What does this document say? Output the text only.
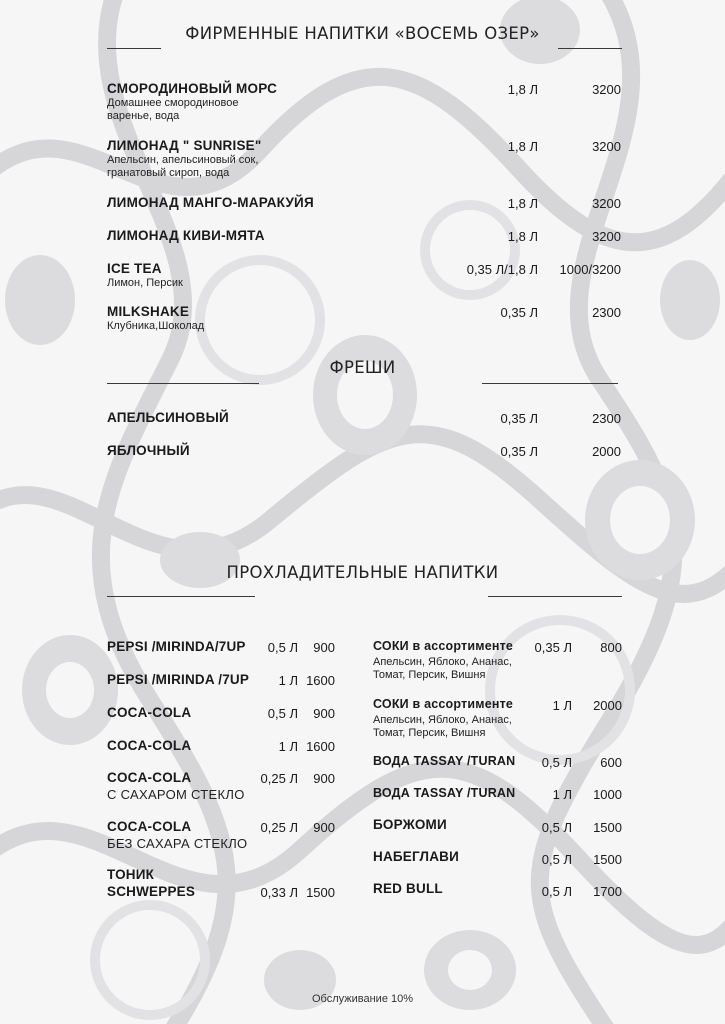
ФИРМЕННЫЕ НАПИТКИ «ВОСЕМЬ ОЗЕР»
СМОРОДИНОВЫЙ МОРС
Домашнее смородиновое
варенье, вода
1,8 Л	3200
ЛИМОНАД " SUNRISE"
Апельсин, апельсиновый сок,
гранатовый сироп, вода
1,8 Л	3200
ЛИМОНАД МАНГО-МАРАКУЙЯ	1,8 Л	3200
ЛИМОНАД КИВИ-МЯТА	1,8 Л	3200
ICE TEA
Лимон, Персик
0,35 Л/1,8 Л	1000/3200
MILKSHAKE
Клубника,Шоколад
0,35 Л	2300
ФРЕШИ
АПЕЛЬСИНОВЫЙ	0,35 Л	2300
ЯБЛОЧНЫЙ	0,35 Л	2000
ПРОХЛАДИТЕЛЬНЫЕ НАПИТКИ
PEPSI /MIRINDA/7UP	0,5 Л	900
PEPSI /MIRINDA /7UP	1 Л 1600
COCA-COLA	0,5 Л	900
COCA-COLA	1 Л 1600
COCA-COLA
С САХАРОМ СТЕКЛО
0,25 Л	900
COCA-COLA
БЕЗ САХАРА СТЕКЛО
0,25 Л	900
ТОНИК
SCHWEPPES	0,33 Л 1500
СОКИ в ассортименте
Апельсин, Яблоко, Ананас,
Томат, Персик, Вишня
0,35 Л	800
СОКИ в ассортименте
Апельсин, Яблоко, Ананас,
Томат, Персик, Вишня
1 Л	2000
ВОДА TASSAY /TURAN	0,5 Л	600
ВОДА TASSAY /TURAN	1 Л	1000
БОРЖОМИ	0,5 Л	1500
НАБЕГЛАВИ	0,5 Л	1500
RED BULL	0,5 Л	1700
Обслуживание 10%
